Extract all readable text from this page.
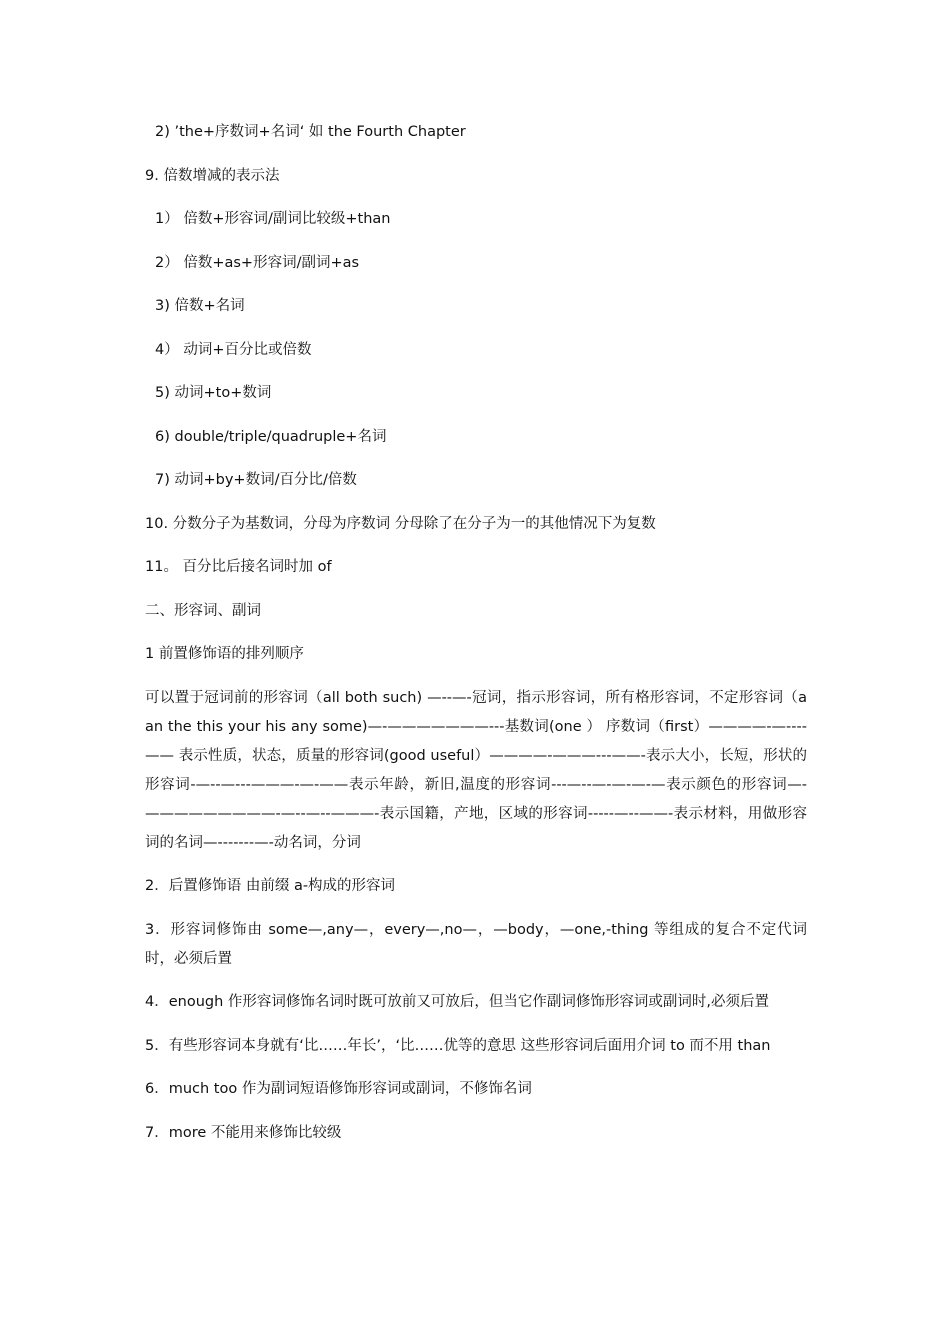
2) ’the+序数词+名词‘ 如 the Fourth Chapter
9. 倍数增减的表示法
1） 倍数+形容词/副词比较级+than
2） 倍数+as+形容词/副词+as
3) 倍数+名词
4） 动词+百分比或倍数
5) 动词+to+数词
6) double/triple/quadruple+名词
7) 动词+by+数词/百分比/倍数
10. 分数分子为基数词，分母为序数词 分母除了在分子为一的其他情况下为复数
11。 百分比后接名词时加 of
二、形容词、副词
1 前置修饰语的排列顺序
可以置于冠词前的形容词（all both such) —--—-冠词，指示形容词，所有格形容词，不定形容词（a an the this your his any some)—-———————---基数词(one ） 序数词（first）————-—----—— 表示性质，状态，质量的形容词(good useful）————-———---——-表示大小，长短，形状的形容词-—--—---———-—-——表示年龄，新旧,温度的形容词---—--—-—-—-—表示颜色的形容词—-—————————-—--—--———-表示国籍，产地，区域的形容词-----—--——-表示材料，用做形容词的名词—-------—-动名词，分词
2．后置修饰语 由前缀 a-构成的形容词
3．形容词修饰由 some—,any—，every—,no—，—body，—one,-thing 等组成的复合不定代词时，必须后置
4．enough 作形容词修饰名词时既可放前又可放后，但当它作副词修饰形容词或副词时,必须后置
5．有些形容词本身就有‘比……年长’，‘比……优等的意思 这些形容词后面用介词 to 而不用 than
6．much too 作为副词短语修饰形容词或副词，不修饰名词
7．more 不能用来修饰比较级
